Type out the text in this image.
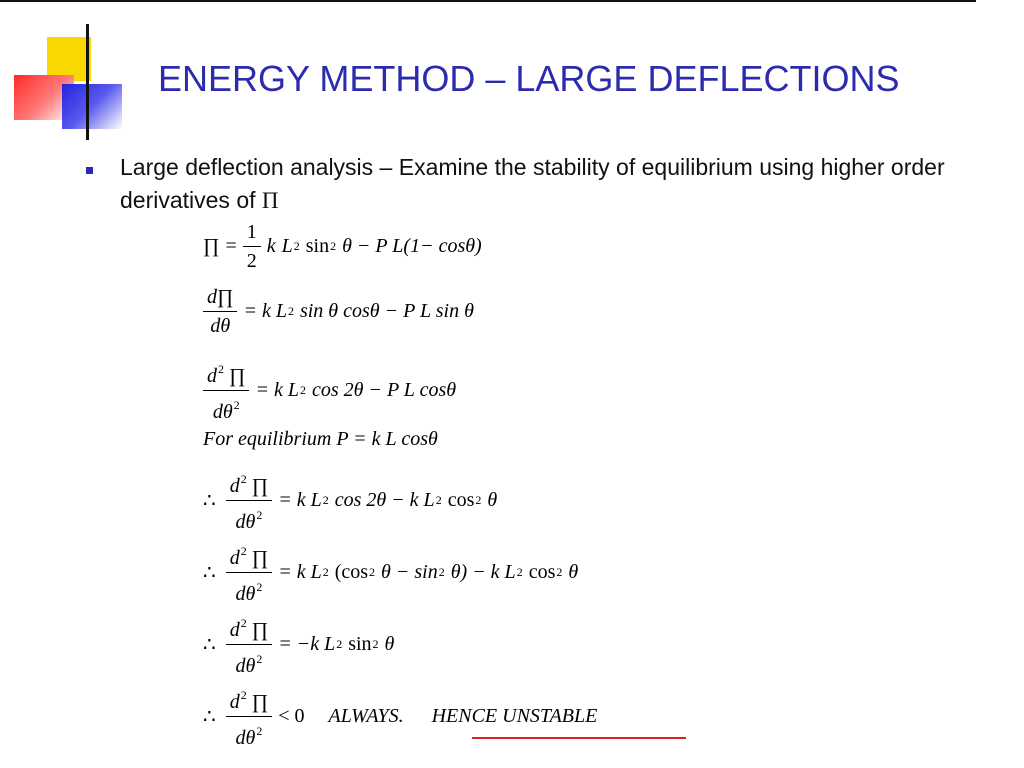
ENERGY METHOD – LARGE DEFLECTIONS
Large deflection analysis – Examine the stability of equilibrium using higher order derivatives of Π
∏ = $\frac{1}{2}$ k L 2 sin 2 θ − P L(1− cosθ)
$\frac{d\prod}{d\theta} = k$ L 2 sin θ cosθ − P L sin θ
$\frac{d^2 \prod}{d\theta^2} = k$ L 2 cos 2θ − P L cosθ
For equilibrium P = k L cosθ
∴ $\frac{d^2 \prod}{d\theta^2} = k$ L 2 cos 2θ − k L 2 cos 2 θ
∴ $\frac{d^2 \prod}{d\theta^2} = k$ L 2 (cos 2 θ − sin 2 θ) − k L 2 cos 2 θ
∴ $\frac{d^2 \prod}{d\theta^2} = -k$ L 2 sin 2 θ
∴ $\frac{d^2 \prod}{d\theta^2} < 0$ ALWAYS. HENCE UNSTABLE
